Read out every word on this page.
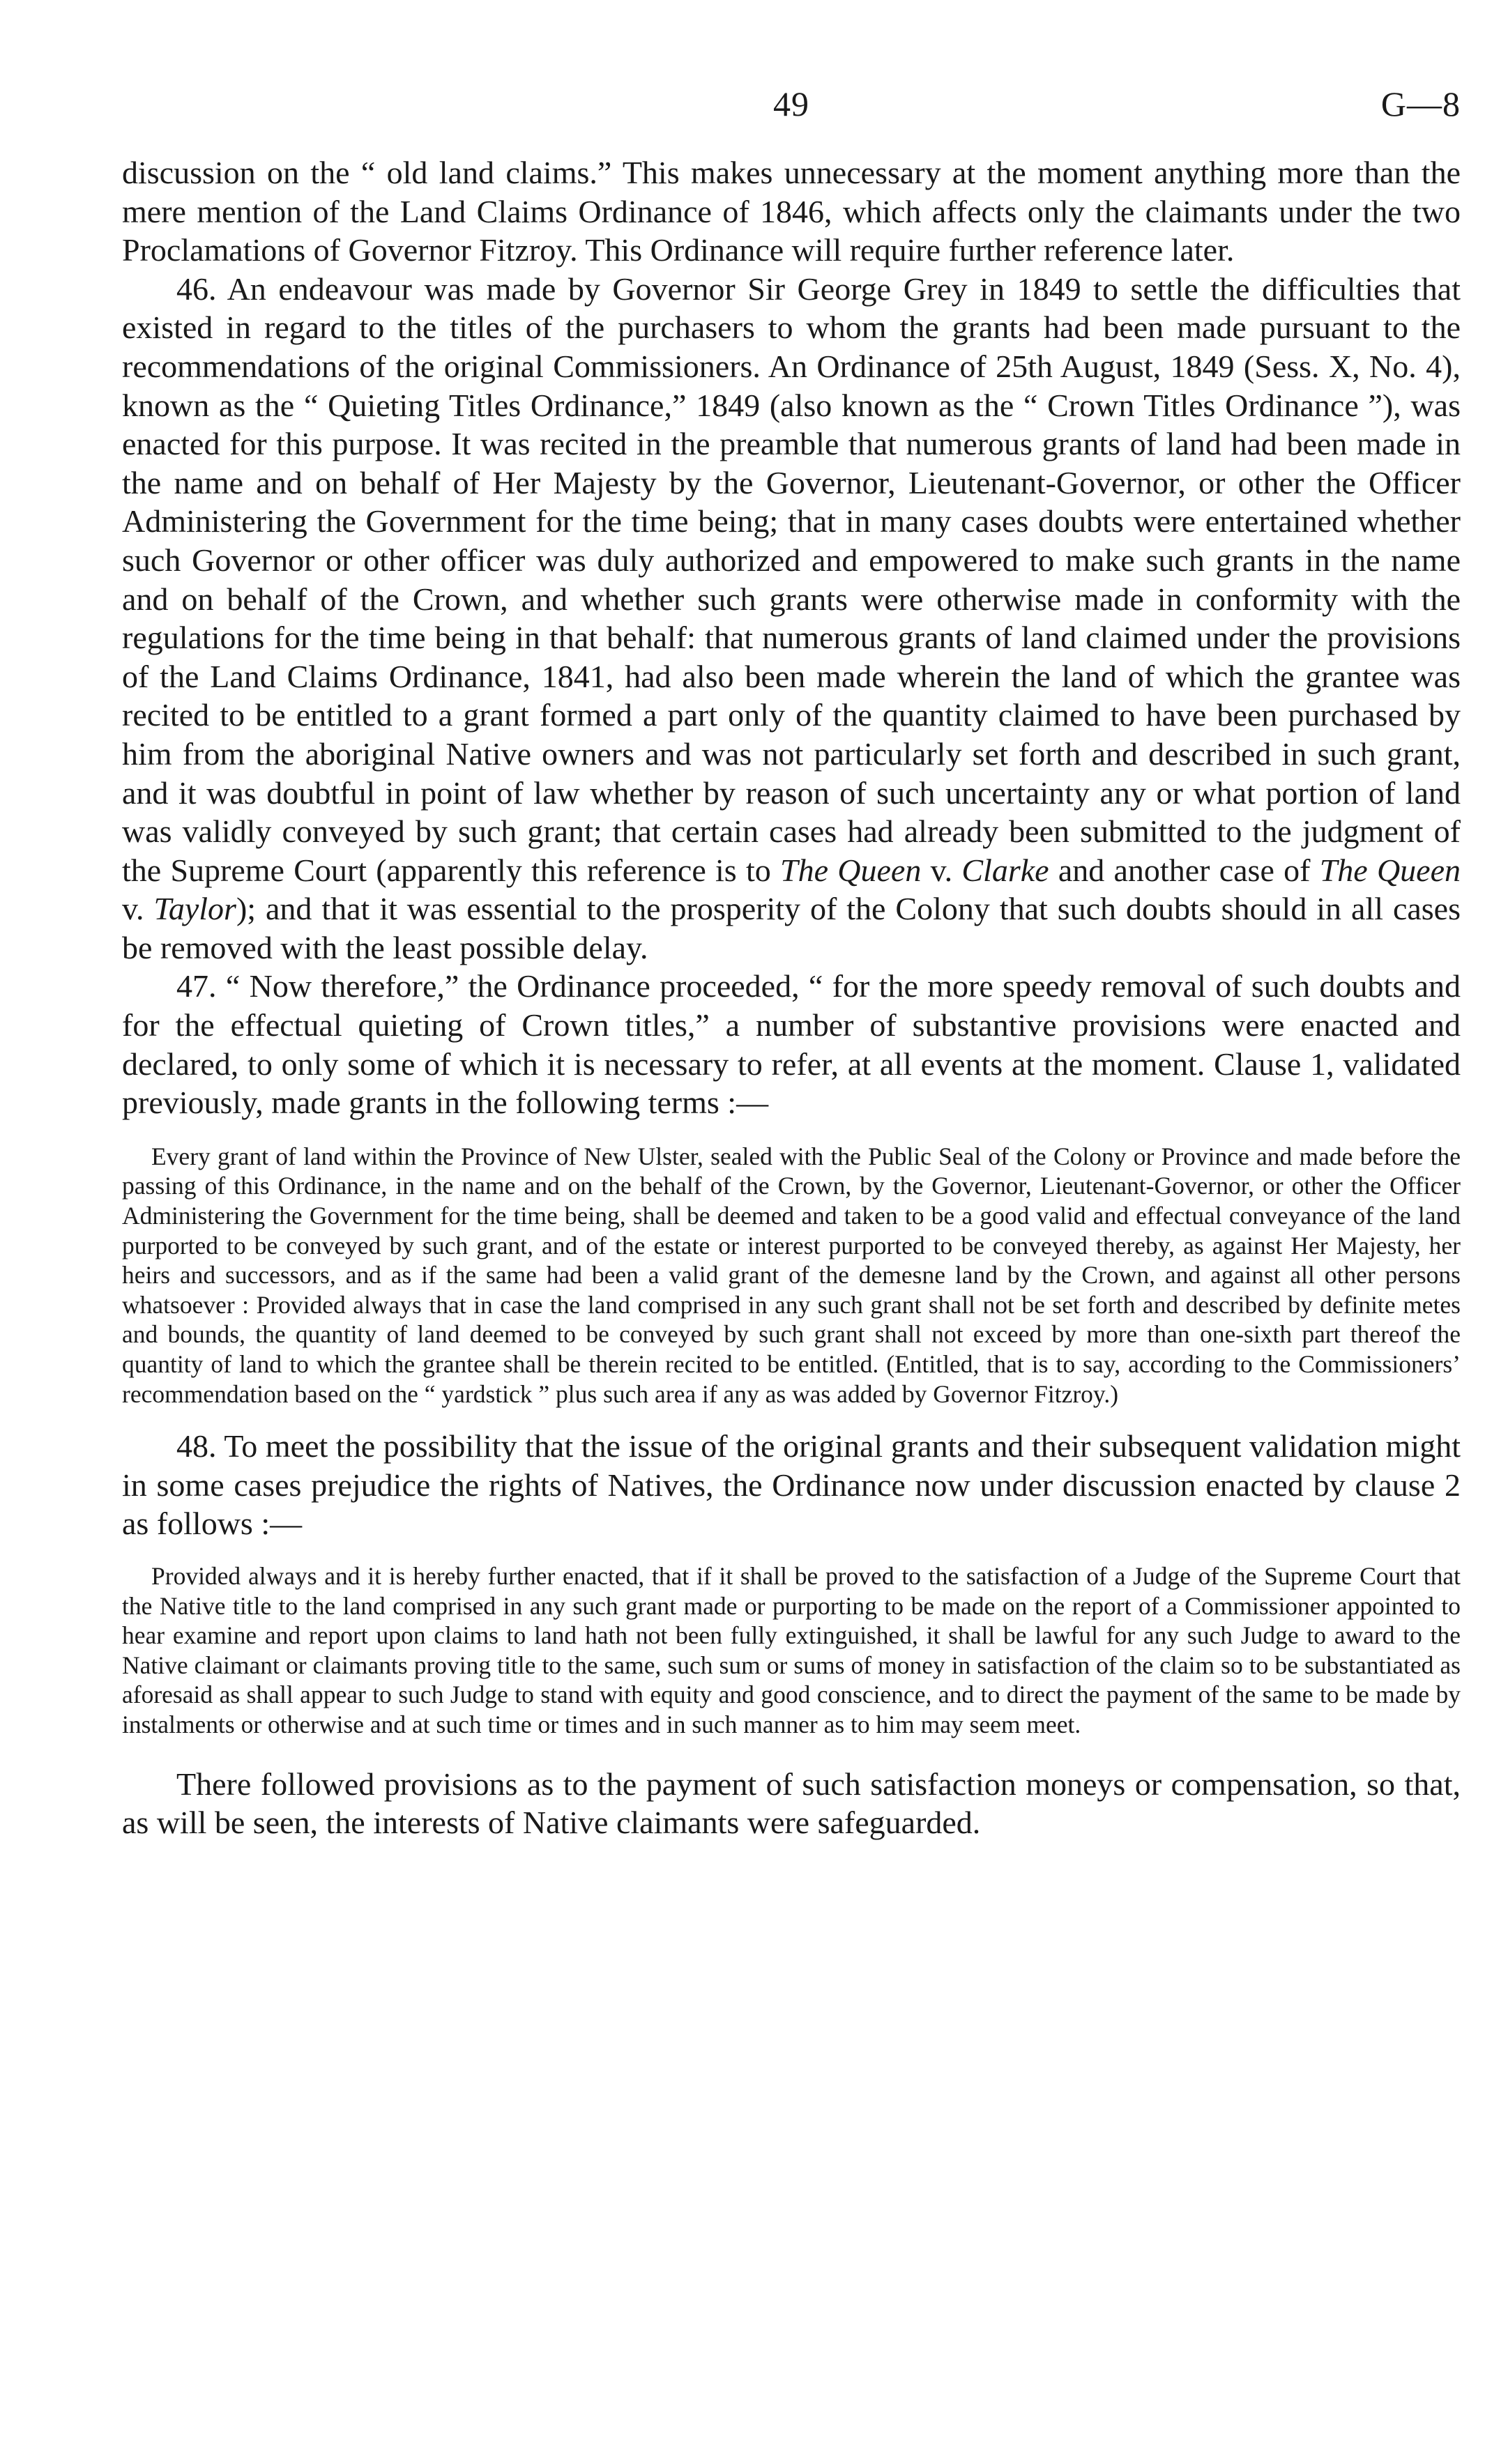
49	G—8

discussion on the “ old land claims.” This makes unnecessary at the moment anything more than the mere mention of the Land Claims Ordinance of 1846, which affects only the claimants under the two Proclamations of Governor Fitzroy. This Ordinance will require further reference later.

46. An endeavour was made by Governor Sir George Grey in 1849 to settle the difficulties that existed in regard to the titles of the purchasers to whom the grants had been made pursuant to the recommendations of the original Commissioners. An Ordinance of 25th August, 1849 (Sess. X, No. 4), known as the “ Quieting Titles Ordinance,” 1849 (also known as the “ Crown Titles Ordinance ”), was enacted for this purpose. It was recited in the preamble that numerous grants of land had been made in the name and on behalf of Her Majesty by the Governor, Lieutenant-Governor, or other the Officer Administering the Government for the time being; that in many cases doubts were entertained whether such Governor or other officer was duly authorized and empowered to make such grants in the name and on behalf of the Crown, and whether such grants were otherwise made in conformity with the regulations for the time being in that behalf: that numerous grants of land claimed under the provisions of the Land Claims Ordinance, 1841, had also been made wherein the land of which the grantee was recited to be entitled to a grant formed a part only of the quantity claimed to have been purchased by him from the aboriginal Native owners and was not particularly set forth and described in such grant, and it was doubtful in point of law whether by reason of such uncertainty any or what portion of land was validly conveyed by such grant; that certain cases had already been submitted to the judgment of the Supreme Court (apparently this reference is to The Queen v. Clarke and another case of The Queen v. Taylor); and that it was essential to the prosperity of the Colony that such doubts should in all cases be removed with the least possible delay.

47. “ Now therefore,” the Ordinance proceeded, “ for the more speedy removal of such doubts and for the effectual quieting of Crown titles,” a number of substantive provisions were enacted and declared, to only some of which it is necessary to refer, at all events at the moment. Clause 1, validated previously, made grants in the following terms :—

Every grant of land within the Province of New Ulster, sealed with the Public Seal of the Colony or Province and made before the passing of this Ordinance, in the name and on the behalf of the Crown, by the Governor, Lieutenant-Governor, or other the Officer Administering the Government for the time being, shall be deemed and taken to be a good valid and effectual conveyance of the land purported to be conveyed by such grant, and of the estate or interest purported to be conveyed thereby, as against Her Majesty, her heirs and successors, and as if the same had been a valid grant of the demesne land by the Crown, and against all other persons whatsoever : Provided always that in case the land comprised in any such grant shall not be set forth and described by definite metes and bounds, the quantity of land deemed to be conveyed by such grant shall not exceed by more than one-sixth part thereof the quantity of land to which the grantee shall be therein recited to be entitled. (Entitled, that is to say, according to the Commissioners’ recommendation based on the “ yardstick ” plus such area if any as was added by Governor Fitzroy.)

48. To meet the possibility that the issue of the original grants and their subsequent validation might in some cases prejudice the rights of Natives, the Ordinance now under discussion enacted by clause 2 as follows :—

Provided always and it is hereby further enacted, that if it shall be proved to the satisfaction of a Judge of the Supreme Court that the Native title to the land comprised in any such grant made or purporting to be made on the report of a Commissioner appointed to hear examine and report upon claims to land hath not been fully extinguished, it shall be lawful for any such Judge to award to the Native claimant or claimants proving title to the same, such sum or sums of money in satisfaction of the claim so to be substantiated as aforesaid as shall appear to such Judge to stand with equity and good conscience, and to direct the payment of the same to be made by instalments or otherwise and at such time or times and in such manner as to him may seem meet.

There followed provisions as to the payment of such satisfaction moneys or compensation, so that, as will be seen, the interests of Native claimants were safeguarded.
